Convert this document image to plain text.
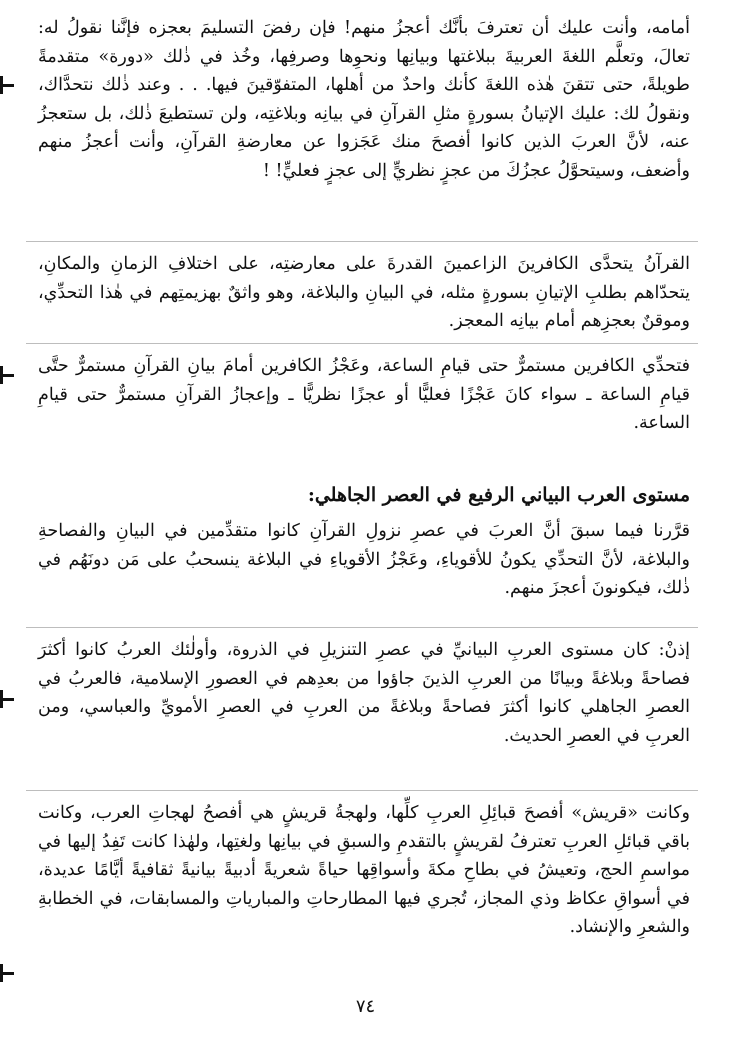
أمامه، وأنت عليك أن تعترفَ بأنَّك أعجزُ منهم! فإن رفضَ التسليمَ بعجزه فإنَّنا نقولُ له: تعالَ، وتعلَّم اللغةَ العربيةَ ببلاغتها وبيانِها ونحوِها وصرفِها، وخُذ في ذٰلك «دورة» متقدمةً طويلةً، حتى تتقنَ هٰذه اللغةَ كأنك واحدٌ من أهلها، المتفوّقينَ فيها. . . وعند ذٰلك نتحدَّاك، ونقولُ لك: عليك الإتيانُ بسورةٍ مثلِ القرآنِ في بيانِه وبلاغتِه، ولن تستطيعَ ذٰلك، بل ستعجزُ عنه، لأنَّ العربَ الذين كانوا أفصحَ منك عَجَزوا عن معارضةِ القرآنِ، وأنت أعجزُ منهم وأضعف، وسيتحوَّلُ عجزُكَ من عجزٍ نظريٍّ إلى عجزٍ فعليٍّ! !

القرآنُ يتحدَّى الكافرينَ الزاعمينَ القدرةَ على معارضتِه، على اختلافِ الزمانِ والمكانِ، يتحدّاهم بطلبِ الإتيانِ بسورةٍ مثله، في البيانِ والبلاغة، وهو واثقٌ بهزيمتِهم في هٰذا التحدِّي، وموقنٌ بعجزِهم أمام بيانِه المعجز.

فتحدِّي الكافرين مستمرٌّ حتى قيامِ الساعة، وعَجْزُ الكافرين أمامَ بيانِ القرآنِ مستمرٌّ حتَّى قيامِ الساعة ـ سواء كانَ عَجْزًا فعليًّا أو عجزًا نظريًّا ـ وإعجازُ القرآنِ مستمرٌّ حتى قيامِ الساعة.

مستوى العرب البياني الرفيع في العصر الجاهلي:

قرَّرنا فيما سبقَ أنَّ العربَ في عصرِ نزولِ القرآنِ كانوا متقدِّمين في البيانِ والفصاحةِ والبلاغة، لأنَّ التحدِّي يكونُ للأقوياءِ، وعَجْزُ الأقوياءِ في البلاغة ينسحبُ على مَن دونَهُم في ذٰلك، فيكونونَ أعجزَ منهم.

إذنْ: كان مستوى العربِ البيانيِّ في عصرِ التنزيلِ في الذروة، وأولٰئك العربُ كانوا أكثرَ فصاحةً وبلاغةً وبيانًا من العربِ الذينَ جاؤوا من بعدِهم في العصورِ الإسلامية، فالعربُ في العصرِ الجاهلي كانوا أكثرَ فصاحةً وبلاغةً من العربِ في العصرِ الأمويِّ والعباسي، ومن العربِ في العصرِ الحديث.

وكانت «قريش» أفصحَ قبائِلِ العربِ كلِّها، ولهجةُ قريشٍ هي أفصحُ لهجاتِ العرب، وكانت باقي قبائلِ العربِ تعترفُ لقريشٍ بالتقدمِ والسبقِ في بيانِها ولغتِها، ولهٰذا كانت تَفِدُ إليها في مواسمِ الحج، وتعيشُ في بطاحِ مكةَ وأسواقِها حياةً شعريةً أدبيةً بيانيةً ثقافيةً أيَّامًا عديدة، في أسواقِ عكاظ وذي المجاز، تُجري فيها المطارحاتِ والمبارياتِ والمسابقات، في الخطابةِ والشعرِ والإنشاد.

٧٤
